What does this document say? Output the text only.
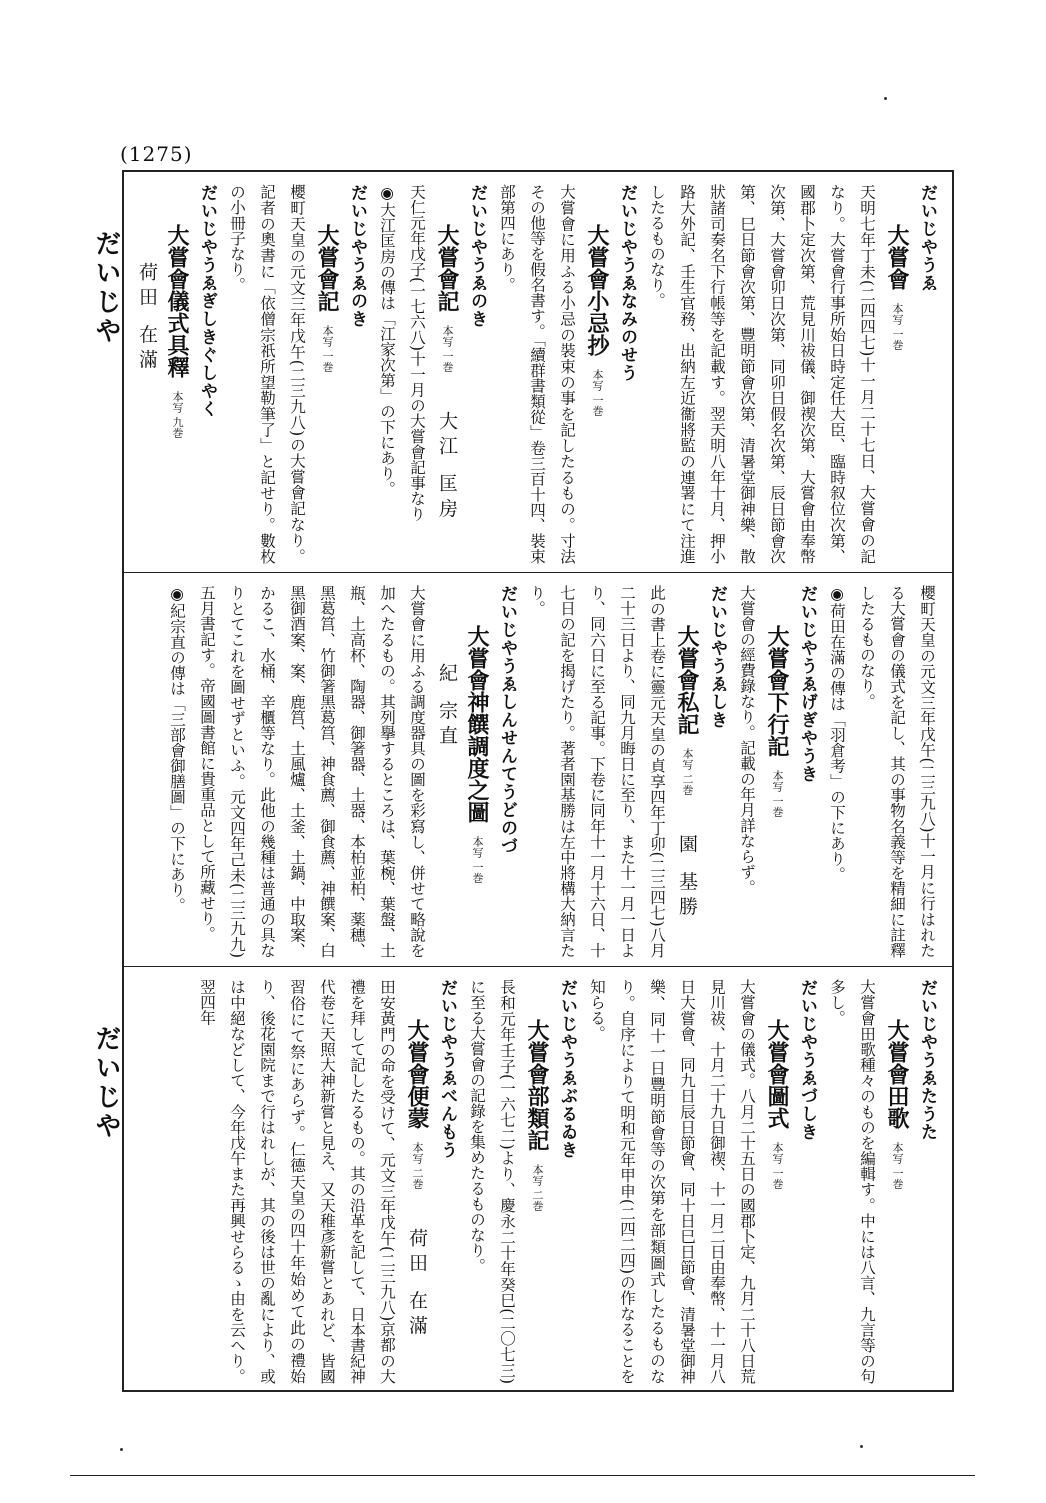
(1275)
だいじや
だいじや

だいじやうゑ

大嘗會本写 一巻

天明七年丁未(二四四七)十一月二十七日、大嘗會の記なり。大嘗會行事所始日時定任大臣、臨時叙位次第、國郡卜定次第、荒見川祓儀、御禊次第、大嘗會由奉幣次第、大嘗會卯日次第、同卯日假名次第、辰日節會次第、巳日節會次第、豐明節會次第、清暑堂御神樂、散狀諸司奏名下行帳等を記載す。翌天明八年十月、押小路大外記、壬生官務、出納左近衞將監の連署にて注進したるものなり。

だいじやうゑなみのせう

大嘗會小忌抄本写 一巻

大嘗會に用ふる小忌の裝束の事を記したるもの。寸法その他等を假名書す。「續群書類從」卷三百十四、裝束部第四にあり。

だいじやうゑのき

大嘗會記本写 一巻大江 匡房

天仁元年戊子(一七六八)十一月の大嘗會記事なり

◉大江匡房の傳は「江家次第」の下にあり。

だいじやうゑのき

大嘗會記本写 一巻

櫻町天皇の元文三年戊午(二三九八)の大嘗會記なり。記者の奧書に「依僧宗祇所望勒筆了」と記せり。數枚の小冊子なり。

だいじやうゑぎしきぐしやく

大嘗會儀式具釋本写 九巻荷田 在滿

櫻町天皇の元文三年戊午(二三九八)十一月に行はれたる大嘗會の儀式を記し、其の事物名義等を精細に註釋したるものなり。

◉荷田在滿の傳は「羽倉考」の下にあり。

だいじやうゑげぎやうき

大嘗會下行記本写 一巻

大嘗會の經費錄なり。記載の年月詳ならず。

だいじやうゑしき

大嘗會私記本写 二巻園 基勝

此の書上卷に靈元天皇の貞享四年丁卯(二三四七)八月二十三日より、同九月晦日に至り、また十一月一日より、同六日に至る記事。下卷に同年十一月十六日、十七日の記を揭げたり。著者園基勝は左中將構大納言たり。

だいじやうゑしんせんてうどのづ

大嘗會神饌調度之圖本写 一巻紀 宗直

大嘗會に用ふる調度器具の圖を彩寫し、併せて略說を加へたるもの。其列擧するところは、葉椀、葉盤、土瓶、土高杯、陶器、御箸器、土器、本柏並柏、薬穗、黑葛筥、竹御箸黑葛筥、神食薦、御食薦、神饌案、白黑御酒案、案、鹿筥、土風爐、土釜、土鍋、中取案、かるこ、水桶、辛櫃等なり。此他の幾種は普通の具なりとてこれを圖せずといふ。元文四年己未(二三九九)五月書記す。帝國圖書館に貴重品として所藏せり。

◉紀宗直の傳は「三部會御膳圖」の下にあり。

だいじやうゑたうた

大嘗會田歌本写 一巻

大嘗會田歌種々のものを編輯す。中には八言、九言等の句多し。

だいじやうゑづしき

大嘗會圖式本写 一巻

大嘗會の儀式。八月二十五日の國郡卜定、九月二十八日荒見川祓、十月二十九日御禊、十一月二日由奉幣、十一月八日大嘗會、同九日辰日節會、同十日巳日節會、清暑堂御神樂、同十一日豐明節會等の次第を部類圖式したるものなり。自序によりて明和元年甲申(二四二四)の作なることを知らる。

だいじやうゑぶるゐき

大嘗會部類記本写 二巻

長和元年壬子(一六七二)より、慶永二十年癸巳(二〇七三)に至る大嘗會の記錄を集めたるものなり。

だいじやうゑべんもう

大嘗會便蒙本写 二巻荷田 在滿

田安黃門の命を受けて、元文三年戊午(二三九八)京都の大禮を拜して記したるもの。其の沿革を記して、日本書紀神代卷に天照大神新嘗と見え、又天稚彥新嘗とあれど、皆國習俗にて祭にあらず。仁德天皇の四十年始めて此の禮始り、後花園院まで行はれしが、其の後は世の亂により、或は中絕などして、今年戊午また再興せらるゝ由を云へり。翌四年
